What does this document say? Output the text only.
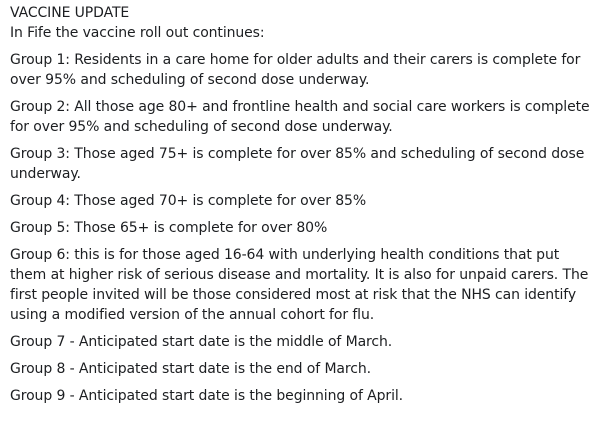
VACCINE UPDATE

In Fife the vaccine roll out continues:

Group 1: Residents in a care home for older adults and their carers is complete for over 95% and scheduling of second dose underway.

Group 2: All those age 80+ and frontline health and social care workers is complete for over 95% and scheduling of second dose underway.

Group 3: Those aged 75+ is complete for over 85% and scheduling of second dose underway.

Group 4: Those aged 70+ is complete for over 85%

Group 5: Those 65+ is complete for over 80%

Group 6: this is for those aged 16-64 with underlying health conditions that put them at higher risk of serious disease and mortality. It is also for unpaid carers. The first people invited will be those considered most at risk that the NHS can identify using a modified version of the annual cohort for flu.

Group 7 - Anticipated start date is the middle of March.

Group 8 - Anticipated start date is the end of March.

Group 9 - Anticipated start date is the beginning of April.
